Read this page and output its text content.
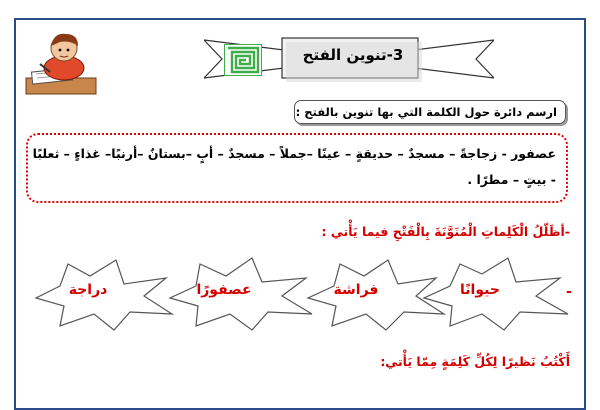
3-تنوين الفتح
ارسم دائرة حول الكلمة التي بها تنوين بالفتح :

عصفور - زجاجةً – مسجدٌ – حديقةٍ – عينًا –جملاً – مسجدٌ – أبٍ –بستانٌ –أرنبًا– غذاءٍ – ثعلبًا

- بيتٍ – مطرًا .

-أظَلّلُ الْكَلِماتِ الْمُنَوَّنَةَ بِالْفَتْحِ فيما يَأْتي :
حيوانًا
فراشة
عصفورًا
دراجة	-
أَكْتُبُ نَظيرًا لِكُلِّ كَلِمَةٍ مِمّا يَأْتي:
